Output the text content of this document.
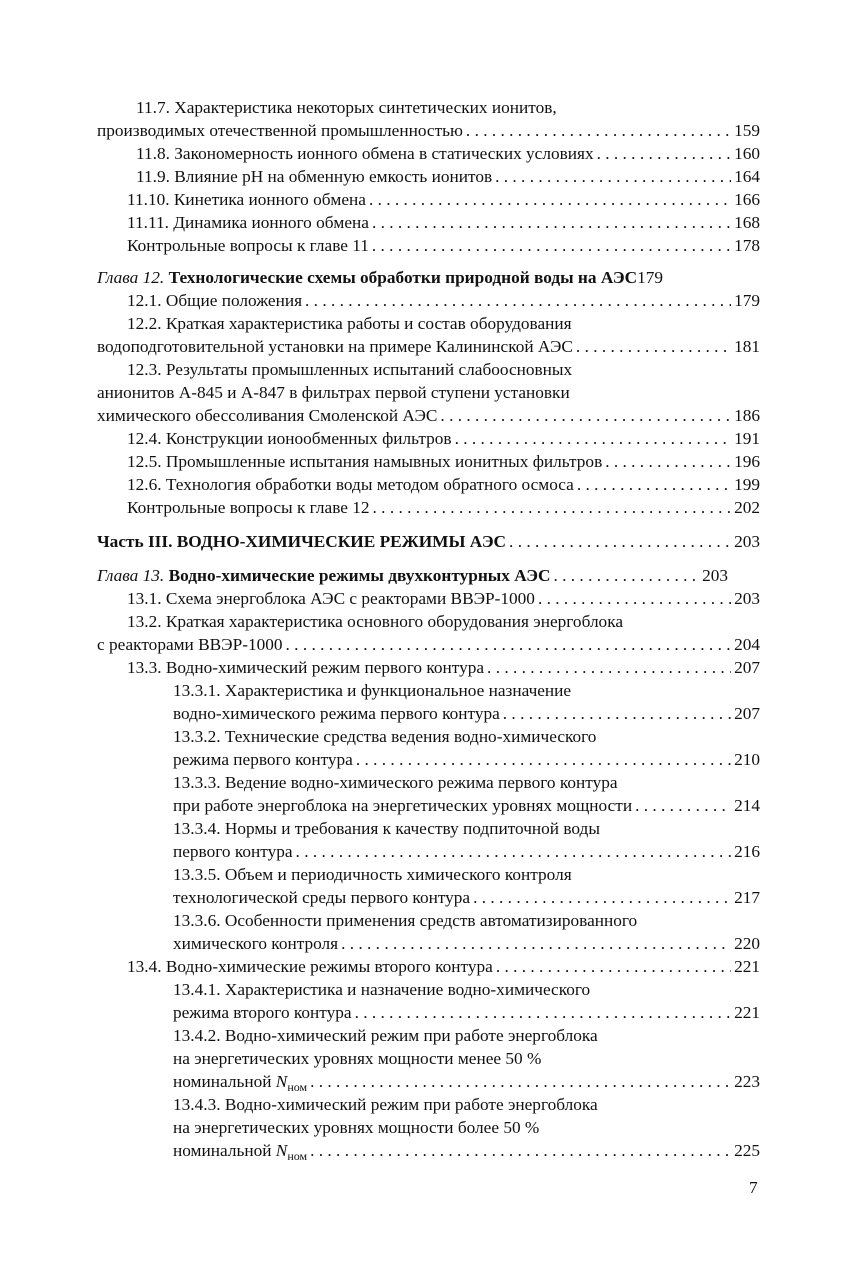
11.7. Характеристика некоторых синтетических ионитов,
производимых отечественной промышленностью . . .	159
11.8. Закономерность ионного обмена в статических условиях . . .	160
11.9. Влияние pH на обменную емкость ионитов . . .	164
11.10. Кинетика ионного обмена . . .	166
11.11. Динамика ионного обмена . . .	168
Контрольные вопросы к главе 11 . . .	178
Глава 12. Технологические схемы обработки природной воды на АЭС179
12.1. Общие положения . . .	179
12.2. Краткая характеристика работы и состав оборудования
водоподготовительной установки на примере Калининской АЭС . . .	181
12.3. Результаты промышленных испытаний слабоосновных
анионитов А-845 и А-847 в фильтрах первой ступени установки
химического обессоливания Смоленской АЭС . . .	186
12.4. Конструкции ионообменных фильтров . . .	191
12.5. Промышленные испытания намывных ионитных фильтров . . .	196
12.6. Технология обработки воды методом обратного осмоса . . .	199
Контрольные вопросы к главе 12 . . .	202
Часть III. ВОДНО-ХИМИЧЕСКИЕ РЕЖИМЫ АЭС . . .	203
Глава 13. Водно-химические режимы двухконтурных АЭС . . .	203
13.1. Схема энергоблока АЭС с реакторами ВВЭР-1000 . . .	203
13.2. Краткая характеристика основного оборудования энергоблока
с реакторами ВВЭР-1000 . . .	204
13.3. Водно-химический режим первого контура . . .	207
13.3.1. Характеристика и функциональное назначение
водно-химического режима первого контура . . .	207
13.3.2. Технические средства ведения водно-химического
режима первого контура . . .	210
13.3.3. Ведение водно-химического режима первого контура
при работе энергоблока на энергетических уровнях мощности . . .	214
13.3.4. Нормы и требования к качеству подпиточной воды
первого контура . . .	216
13.3.5. Объем и периодичность химического контроля
технологической среды первого контура . . .	217
13.3.6. Особенности применения средств автоматизированного
химического контроля . . .	220
13.4. Водно-химические режимы второго контура . . .	221
13.4.1. Характеристика и назначение водно-химического
режима второго контура . . .	221
13.4.2. Водно-химический режим при работе энергоблока
на энергетических уровнях мощности менее 50 %
номинальной $N_{ном}$ . . .	223
13.4.3. Водно-химический режим при работе энергоблока
на энергетических уровнях мощности более 50 %
номинальной $N_{ном}$ . . .	225
7
